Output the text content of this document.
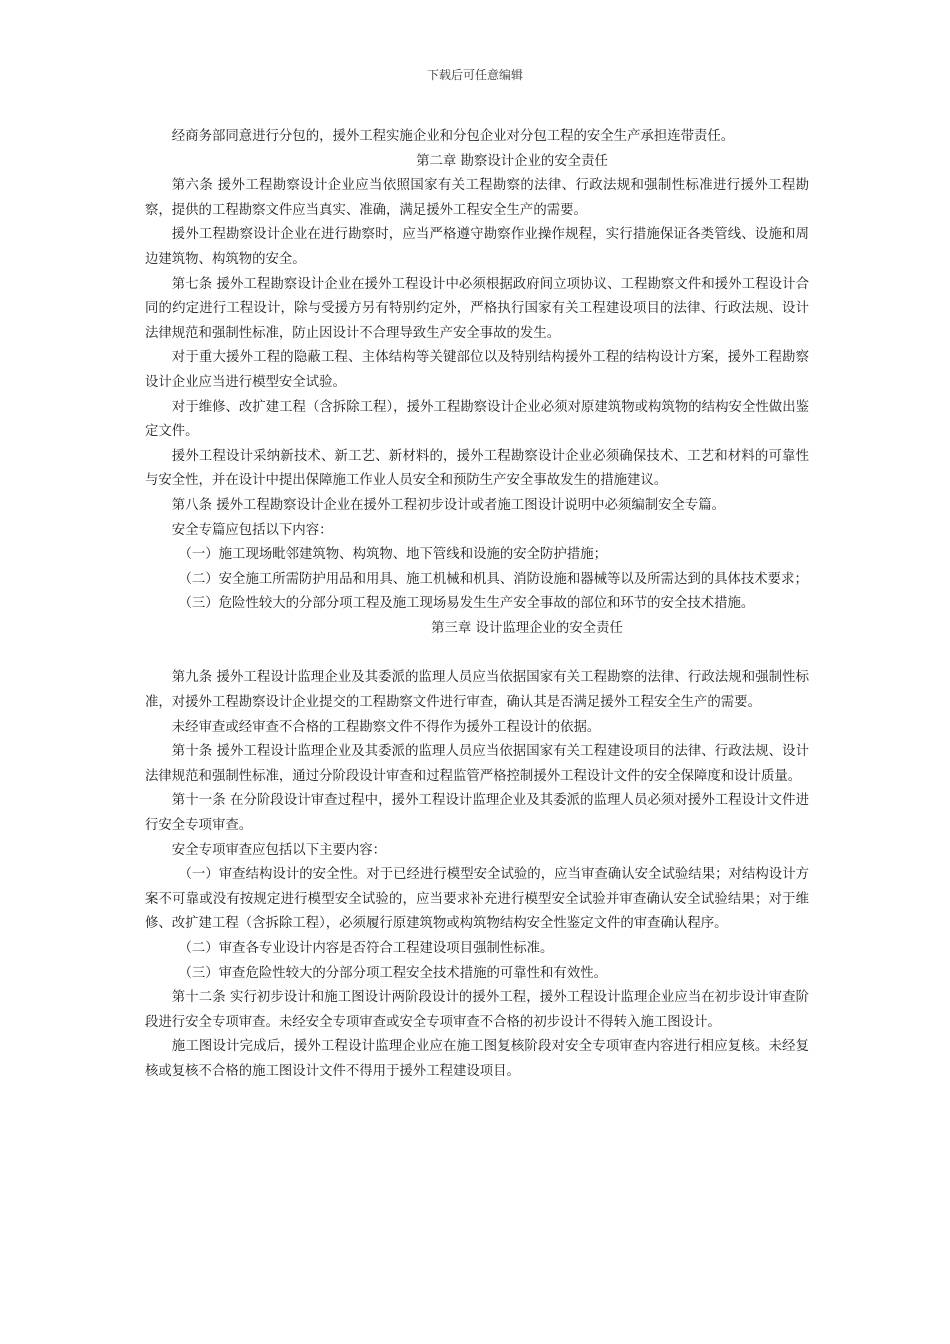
下载后可任意编辑

经商务部同意进行分包的，援外工程实施企业和分包企业对分包工程的安全生产承担连带责任。

第二章 勘察设计企业的安全责任

第六条 援外工程勘察设计企业应当依照国家有关工程勘察的法律、行政法规和强制性标准进行援外工程勘察，提供的工程勘察文件应当真实、准确，满足援外工程安全生产的需要。

援外工程勘察设计企业在进行勘察时，应当严格遵守勘察作业操作规程，实行措施保证各类管线、设施和周边建筑物、构筑物的安全。

第七条 援外工程勘察设计企业在援外工程设计中必须根据政府间立项协议、工程勘察文件和援外工程设计合同的约定进行工程设计，除与受援方另有特别约定外，严格执行国家有关工程建设项目的法律、行政法规、设计法律规范和强制性标准，防止因设计不合理导致生产安全事故的发生。

对于重大援外工程的隐蔽工程、主体结构等关键部位以及特别结构援外工程的结构设计方案，援外工程勘察设计企业应当进行模型安全试验。

对于维修、改扩建工程（含拆除工程），援外工程勘察设计企业必须对原建筑物或构筑物的结构安全性做出鉴定文件。

援外工程设计采纳新技术、新工艺、新材料的，援外工程勘察设计企业必须确保技术、工艺和材料的可靠性与安全性，并在设计中提出保障施工作业人员安全和预防生产安全事故发生的措施建议。

第八条 援外工程勘察设计企业在援外工程初步设计或者施工图设计说明中必须编制安全专篇。

安全专篇应包括以下内容：

（一）施工现场毗邻建筑物、构筑物、地下管线和设施的安全防护措施；

（二）安全施工所需防护用品和用具、施工机械和机具、消防设施和器械等以及所需达到的具体技术要求；

（三）危险性较大的分部分项工程及施工现场易发生生产安全事故的部位和环节的安全技术措施。

第三章 设计监理企业的安全责任

第九条 援外工程设计监理企业及其委派的监理人员应当依据国家有关工程勘察的法律、行政法规和强制性标准，对援外工程勘察设计企业提交的工程勘察文件进行审查，确认其是否满足援外工程安全生产的需要。

未经审查或经审查不合格的工程勘察文件不得作为援外工程设计的依据。

第十条 援外工程设计监理企业及其委派的监理人员应当依据国家有关工程建设项目的法律、行政法规、设计法律规范和强制性标准，通过分阶段设计审查和过程监管严格控制援外工程设计文件的安全保障度和设计质量。

第十一条 在分阶段设计审查过程中，援外工程设计监理企业及其委派的监理人员必须对援外工程设计文件进行安全专项审查。

安全专项审查应包括以下主要内容：

（一）审查结构设计的安全性。对于已经进行模型安全试验的，应当审查确认安全试验结果；对结构设计方案不可靠或没有按规定进行模型安全试验的，应当要求补充进行模型安全试验并审查确认安全试验结果；对于维修、改扩建工程（含拆除工程），必须履行原建筑物或构筑物结构安全性鉴定文件的审查确认程序。

（二）审查各专业设计内容是否符合工程建设项目强制性标准。

（三）审查危险性较大的分部分项工程安全技术措施的可靠性和有效性。

第十二条 实行初步设计和施工图设计两阶段设计的援外工程，援外工程设计监理企业应当在初步设计审查阶段进行安全专项审查。未经安全专项审查或安全专项审查不合格的初步设计不得转入施工图设计。

施工图设计完成后，援外工程设计监理企业应在施工图复核阶段对安全专项审查内容进行相应复核。未经复核或复核不合格的施工图设计文件不得用于援外工程建设项目。
